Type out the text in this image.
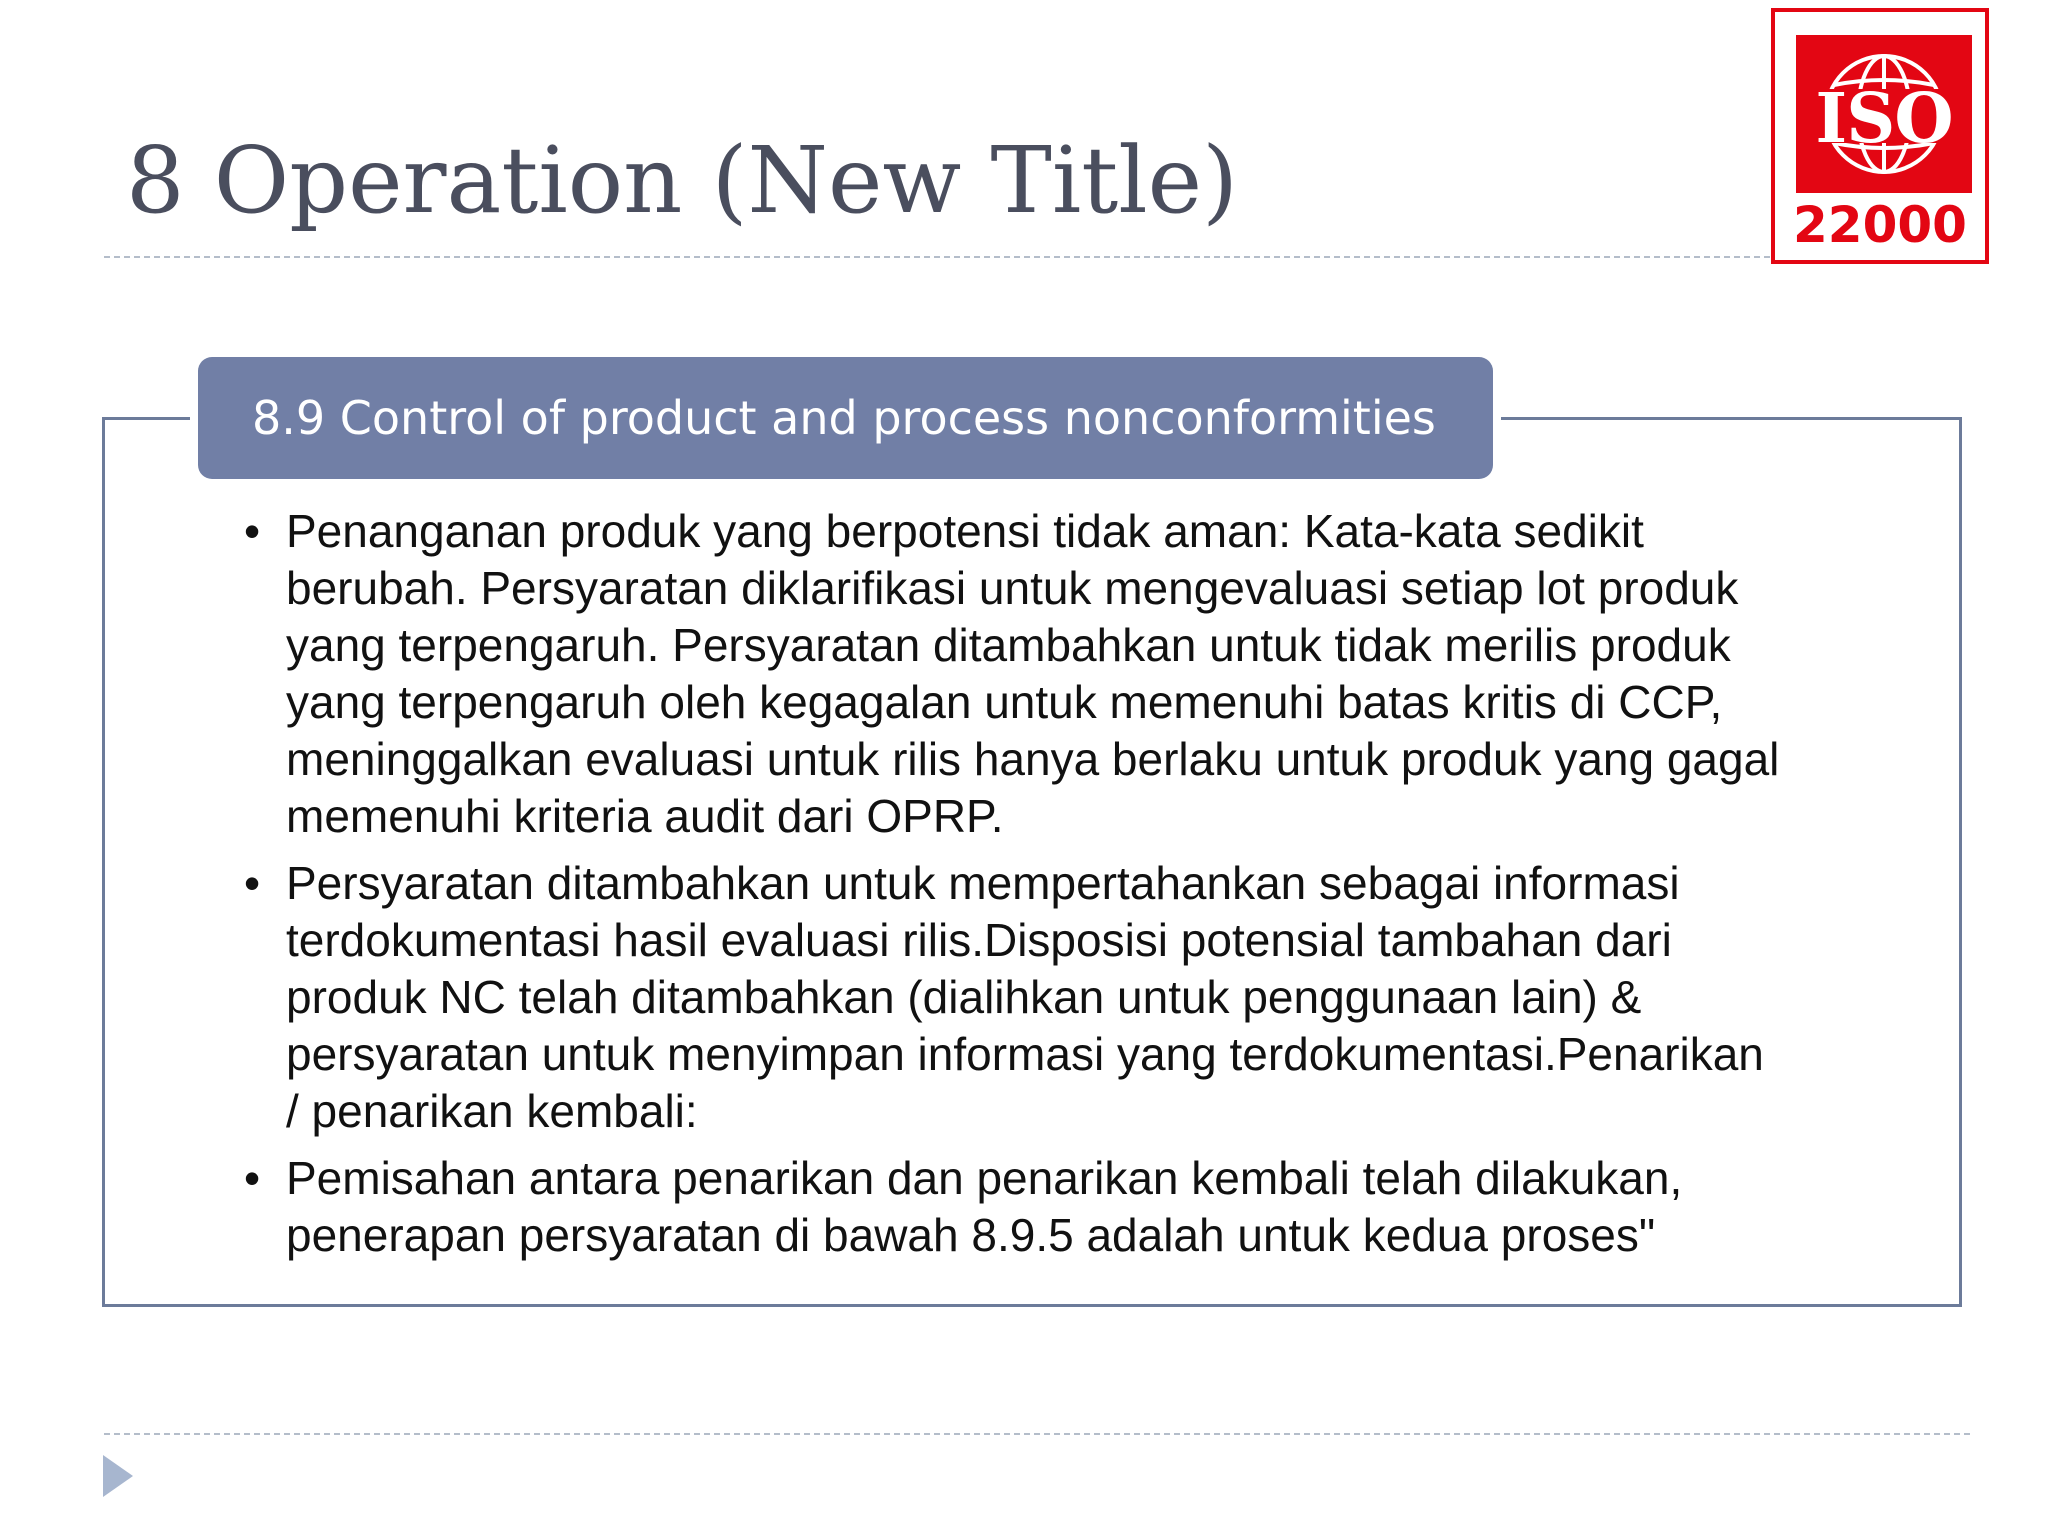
8 Operation (New Title)
ISO
22000
8.9 Control of product and process nonconformities
• Penanganan produk yang berpotensi tidak aman: Kata-kata sedikit berubah. Persyaratan diklarifikasi untuk mengevaluasi setiap lot produk yang terpengaruh. Persyaratan ditambahkan untuk tidak merilis produk yang terpengaruh oleh kegagalan untuk memenuhi batas kritis di CCP, meninggalkan evaluasi untuk rilis hanya berlaku untuk produk yang gagal memenuhi kriteria audit dari OPRP.
• Persyaratan ditambahkan untuk mempertahankan sebagai informasi terdokumentasi hasil evaluasi rilis.Disposisi potensial tambahan dari produk NC telah ditambahkan (dialihkan untuk penggunaan lain) & persyaratan untuk menyimpan informasi yang terdokumentasi.Penarikan / penarikan kembali:
• Pemisahan antara penarikan dan penarikan kembali telah dilakukan, penerapan persyaratan di bawah 8.9.5 adalah untuk kedua proses"
